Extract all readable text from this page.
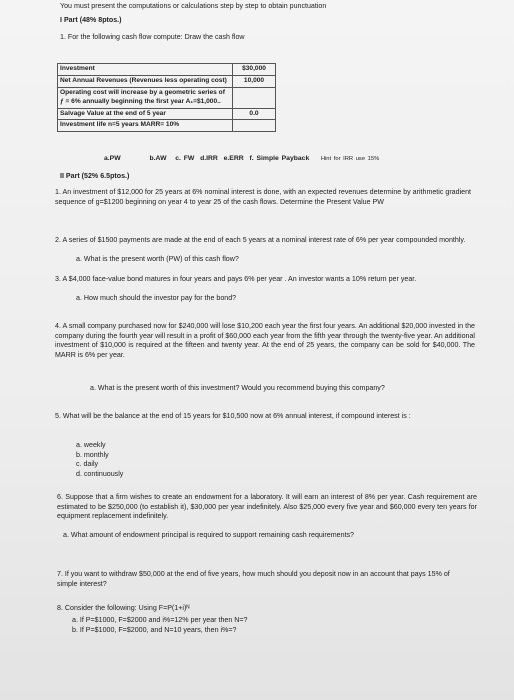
You must present the computations or calculations step by step to obtain punctuation
I Part (48% 8ptos.)
1. For the following cash flow compute: Draw the cash flow
Investment	$30,000
Net Annual Revenues (Revenues less operating cost)	10,000
Operating cost will increase by a geometric series of ƒ = 6% annually beginning the first year A₁=$1,000..	
Salvage Value at the end of 5 year	0.0
Investment life n=5 years MARR= 10%	
a.PW	b.AW c. FW d.IRR e.ERR f. Simple Payback Hint for IRR use 15%
II Part (52% 6.5ptos.)

1. An investment of $12,000 for 25 years at 6% nominal interest is done, with an expected revenues determine by arithmetic gradient sequence of g=$1200 beginning on year 4 to year 25 of the cash flows. Determine the Present Value PW

2. A series of $1500 payments are made at the end of each 5 years at a nominal interest rate of 6% per year compounded monthly.

a. What is the present worth (PW) of this cash flow?

3. A $4,000 face-value bond matures in four years and pays 6% per year . An investor wants a 10% return per year.

a. How much should the investor pay for the bond?

4. A small company purchased now for $240,000 will lose $10,200 each year the first four years. An additional $20,000 invested in the company during the fourth year will result in a profit of $60,000 each year from the fifth year through the twenty-five year. An additional investment of $10,000 is required at the fifteen and twenty year. At the end of 25 years, the company can be sold for $40,000. The MARR is 6% per year.

a. What is the present worth of this investment? Would you recommend buying this company?

5. What will be the balance at the end of 15 years for $10,500 now at 6% annual interest, if compound interest is :

a. weekly
b. monthly
c. daily
d. continuously

6. Suppose that a firm wishes to create an endowment for a laboratory. It will earn an interest of 8% per year. Cash requirement are estimated to be $250,000 (to establish it), $30,000 per year indefinitely. Also $25,000 every five year and $60,000 every ten years for equipment replacement indefinitely.

a. What amount of endowment principal is required to support remaining cash requirements?

7. If you want to withdraw $50,000 at the end of five years, how much should you deposit now in an account that pays 15% of simple interest?

8. Consider the following: Using F=P(1+i)ᴺ

a. If P=$1000, F=$2000 and i%=12% per year then N=?

b. If P=$1000, F=$2000, and N=10 years, then i%=?
